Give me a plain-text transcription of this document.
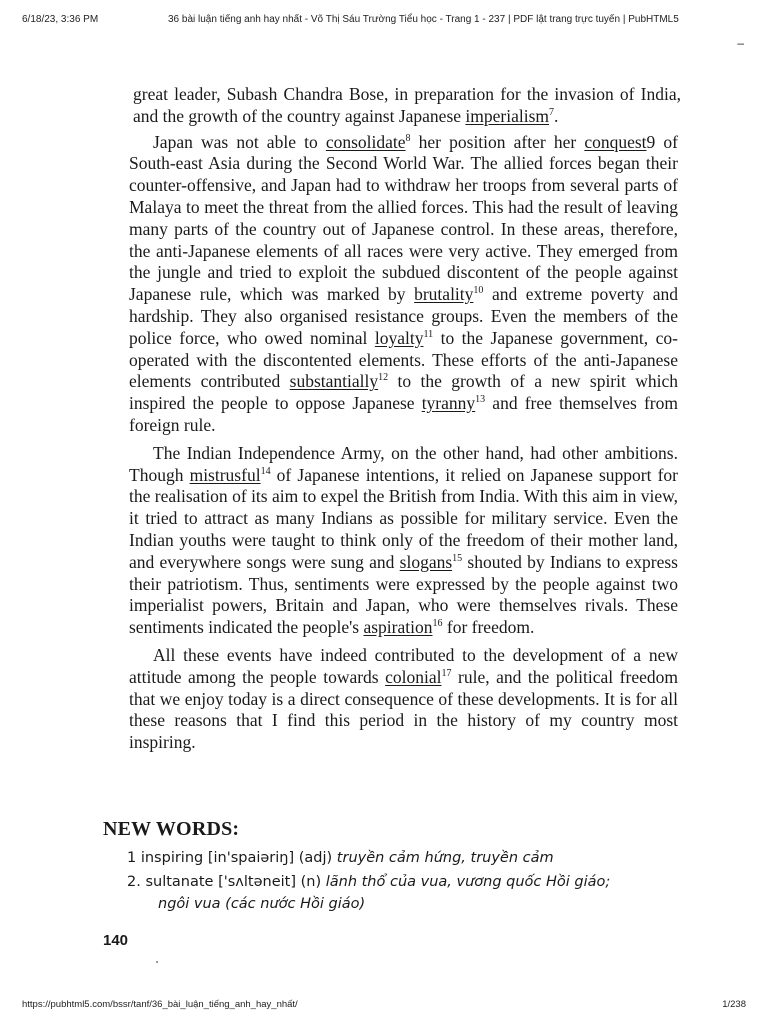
6/18/23, 3:36 PM	36 bài luận tiếng anh hay nhất - Võ Thị Sáu Trường Tiểu học - Trang 1 - 237 | PDF lật trang trực tuyến | PubHTML5
–

great leader, Subash Chandra Bose, in preparation for the invasion of India, and the growth of the country against Japanese imperialism$^7$.

Japan was not able to consolidate$^8$ her position after her conquest9 of South-east Asia during the Second World War. The allied forces began their counter-offensive, and Japan had to withdraw her troops from several parts of Malaya to meet the threat from the allied forces. This had the result of leaving many parts of the country out of Japanese control. In these areas, therefore, the anti-Japanese elements of all races were very active. They emerged from the jungle and tried to exploit the subdued discontent of the people against Japanese rule, which was marked by brutality$^{10}$ and extreme poverty and hardship. They also organised resistance groups. Even the members of the police force, who owed nominal loyalty$^{11}$ to the Japanese government, co-operated with the discontented elements. These efforts of the anti-Japanese elements contributed substantially$^{12}$ to the growth of a new spirit which inspired the people to oppose Japanese tyranny$^{13}$ and free themselves from foreign rule.

The Indian Independence Army, on the other hand, had other ambitions. Though mistrusful$^{14}$ of Japanese intentions, it relied on Japanese support for the realisation of its aim to expel the British from India. With this aim in view, it tried to attract as many Indians as possible for military service. Even the Indian youths were taught to think only of the freedom of their mother land, and everywhere songs were sung and slogans$^{15}$ shouted by Indians to express their patriotism. Thus, sentiments were expressed by the people against two imperialist powers, Britain and Japan, who were themselves rivals. These sentiments indicated the people's aspiration$^{16}$ for freedom.

All these events have indeed contributed to the development of a new attitude among the people towards colonial$^{17}$ rule, and the political freedom that we enjoy today is a direct consequence of these developments. It is for all these reasons that I find this period in the history of my country most inspiring.

NEW WORDS:
1 inspiring [in'spaiəriŋ] (adj) truyền cảm hứng, truyền cảm
2. sultanate ['sʌltəneit] (n) lãnh thổ của vua, vương quốc Hồi giáo;
ngôi vua (các nước Hồi giáo)
140
https://pubhtml5.com/bssr/tanf/36_bài_luận_tiếng_anh_hay_nhất/	1/238
